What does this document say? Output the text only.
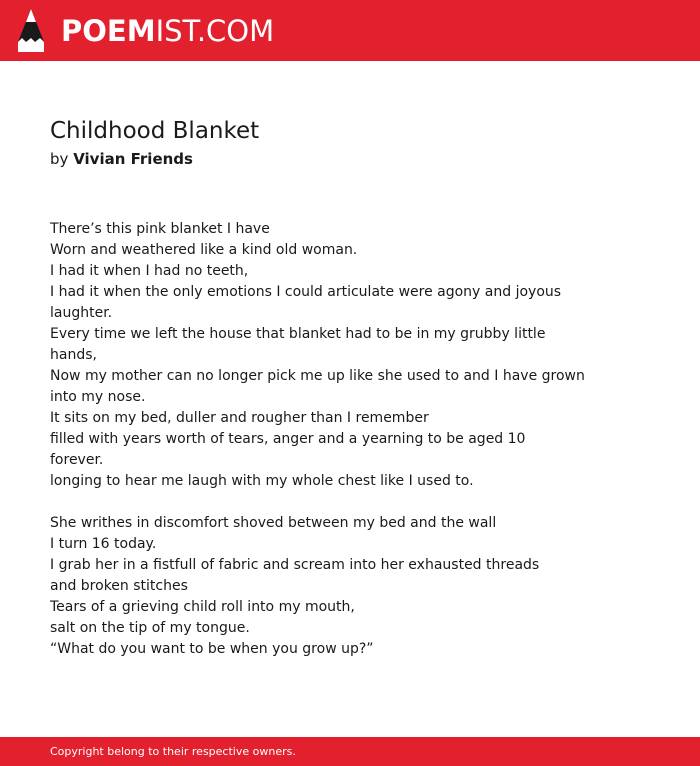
POEMIST.COM
Childhood Blanket
by Vivian Friends
There’s this pink blanket I have
Worn and weathered like a kind old woman.
I had it when I had no teeth,
I had it when the only emotions I could articulate were agony and joyous
laughter.
Every time we left the house that blanket had to be in my grubby little
hands,
Now my mother can no longer pick me up like she used to and I have grown
into my nose.
It sits on my bed, duller and rougher than I remember
filled with years worth of tears, anger and a yearning to be aged 10
forever.
longing to hear me laugh with my whole chest like I used to.
She writhes in discomfort shoved between my bed and the wall
I turn 16 today.
I grab her in a fistfull of fabric and scream into her exhausted threads
and broken stitches
Tears of a grieving child roll into my mouth,
salt on the tip of my tongue.
“What do you want to be when you grow up?”
Copyright belong to their respective owners.
